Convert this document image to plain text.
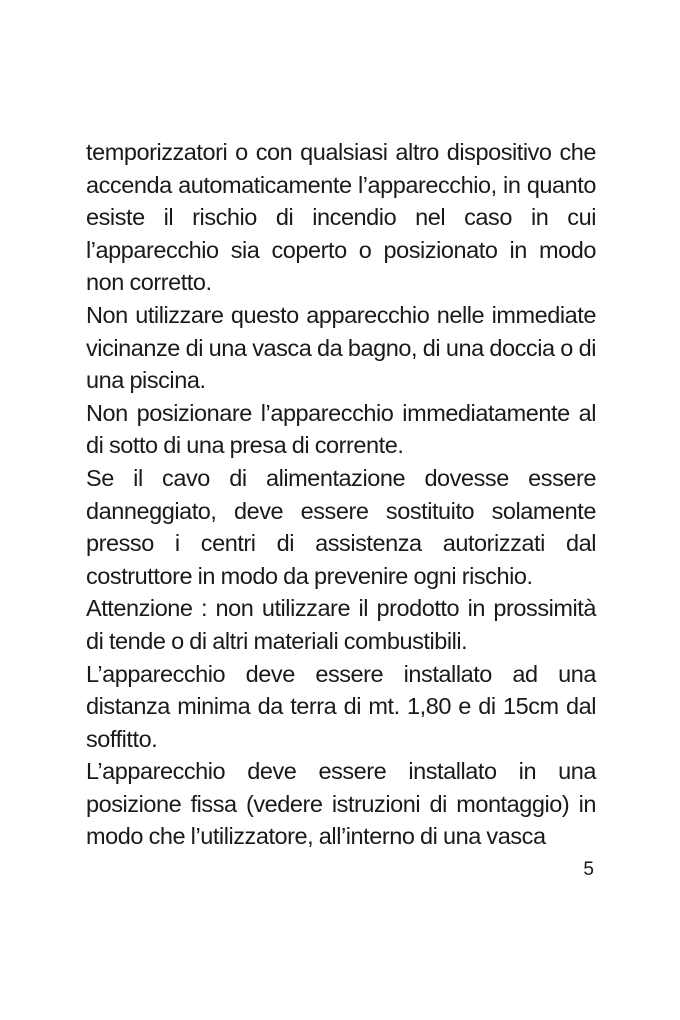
temporizzatori o con qualsiasi altro dispositivo che accenda automaticamente l’apparecchio, in quanto esiste il rischio di incendio nel caso in cui l’apparecchio sia coperto o posizionato in modo non corretto.

Non utilizzare questo apparecchio nelle immediate vicinanze di una vasca da bagno, di una doccia o di una piscina.

Non posizionare l’apparecchio immediatamente al di sotto di una presa di corrente.

Se il cavo di alimentazione dovesse essere danneggiato, deve essere sostituito solamente presso i centri di assistenza autorizzati dal costruttore in modo da prevenire ogni rischio.

Attenzione : non utilizzare il prodotto in prossimità di tende o di altri materiali combustibili.

L’apparecchio deve essere installato ad una distanza minima da terra di mt. 1,80 e di 15cm dal soffitto.

L’apparecchio deve essere installato in una posizione fissa (vedere istruzioni di montaggio) in modo che l’utilizzatore, all’interno di una vasca

5
